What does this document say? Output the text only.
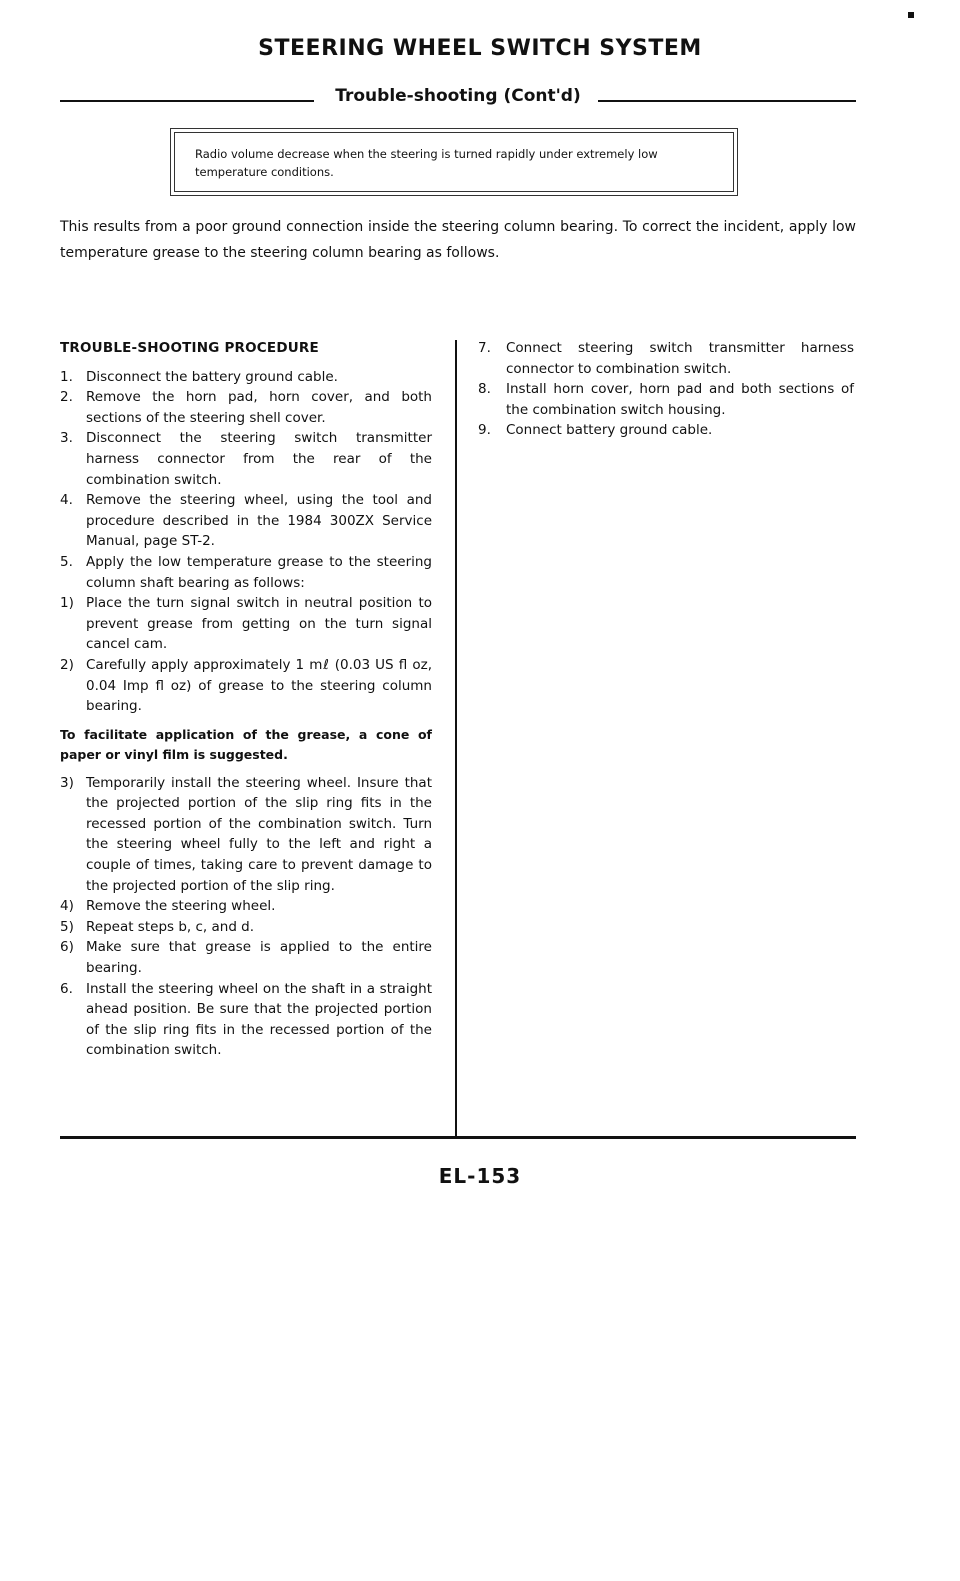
STEERING WHEEL SWITCH SYSTEM
Trouble-shooting (Cont'd)

Radio volume decrease when the steering is turned rapidly under extremely low temperature conditions.

This results from a poor ground connection inside the steering column bearing. To correct the incident, apply low temperature grease to the steering column bearing as follows.

TROUBLE-SHOOTING PROCEDURE
1. Disconnect the battery ground cable.
2. Remove the horn pad, horn cover, and both sections of the steering shell cover.
3. Disconnect the steering switch transmitter harness connector from the rear of the combination switch.
4. Remove the steering wheel, using the tool and procedure described in the 1984 300ZX Service Manual, page ST-2.
5. Apply the low temperature grease to the steering column shaft bearing as follows:
1) Place the turn signal switch in neutral position to prevent grease from getting on the turn signal cancel cam.
2) Carefully apply approximately 1 mℓ (0.03 US fl oz, 0.04 Imp fl oz) of grease to the steering column bearing.

To facilitate application of the grease, a cone of paper or vinyl film is suggested.

3) Temporarily install the steering wheel. Insure that the projected portion of the slip ring fits in the recessed portion of the combination switch. Turn the steering wheel fully to the left and right a couple of times, taking care to prevent damage to the projected portion of the slip ring.
4) Remove the steering wheel.
5) Repeat steps b, c, and d.
6) Make sure that grease is applied to the entire bearing.
6. Install the steering wheel on the shaft in a straight ahead position. Be sure that the projected portion of the slip ring fits in the recessed portion of the combination switch.
7.	Connect steering switch transmitter harness connector to combination switch.
8.	Install horn cover, horn pad and both sections of the combination switch housing.
9.	Connect battery ground cable.
EL-153
